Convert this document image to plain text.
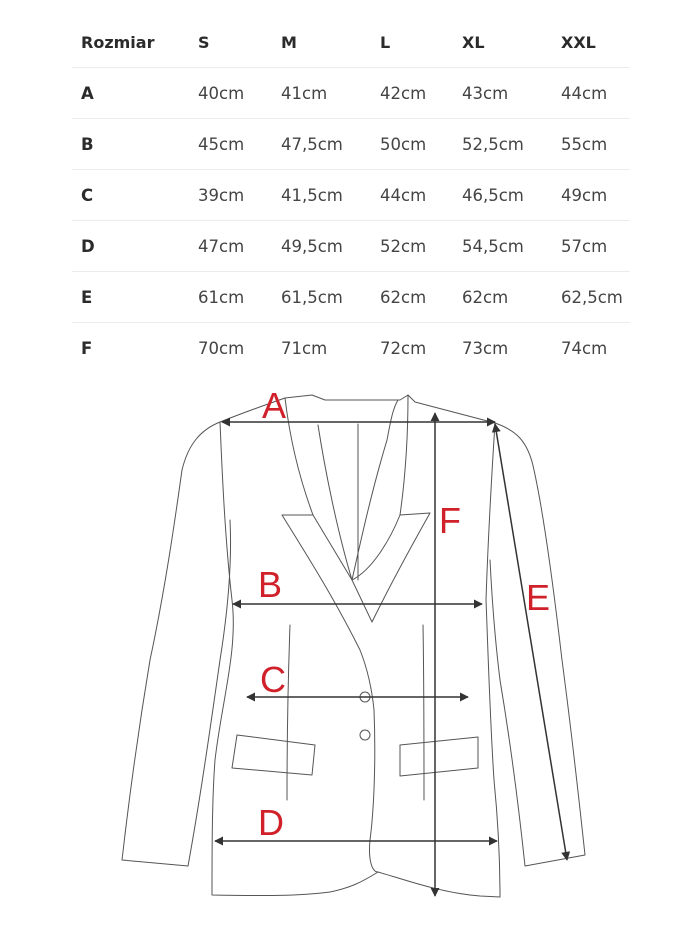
Rozmiar	S	M	L	XL	XXL
A	40cm	41cm	42cm	43cm	44cm
B	45cm	47,5cm	50cm	52,5cm	55cm
C	39cm	41,5cm	44cm	46,5cm	49cm
D	47cm	49,5cm	52cm	54,5cm	57cm
E	61cm	61,5cm	62cm	62cm	62,5cm
F	70cm	71cm	72cm	73cm	74cm
A
B
C
D
E
F
